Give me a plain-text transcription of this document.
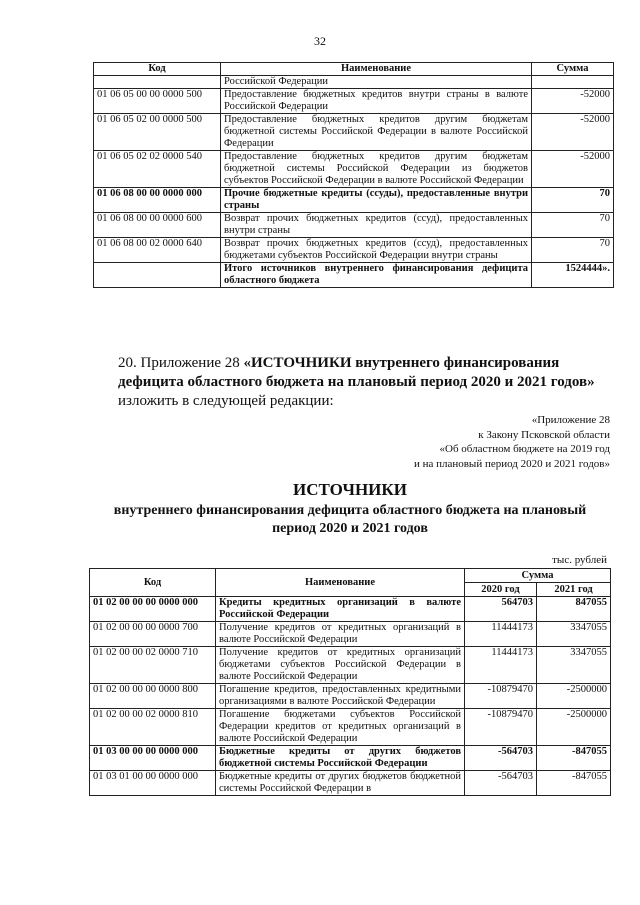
32
Код	Наименование	Сумма
	Российской Федерации	
01 06 05 00 00 0000 500	Предоставление бюджетных кредитов внутри страны в валюте Российской Федерации	-52000
01 06 05 02 00 0000 500	Предоставление бюджетных кредитов другим бюджетам бюджетной системы Российской Федерации в валюте Российской Федерации	-52000
01 06 05 02 02 0000 540	Предоставление бюджетных кредитов другим бюджетам бюджетной системы Российской Федерации из бюджетов субъектов Российской Федерации в валюте Российской Федерации	-52000
01 06 08 00 00 0000 000	Прочие бюджетные кредиты (ссуды), предоставленные внутри страны	70
01 06 08 00 00 0000 600	Возврат прочих бюджетных кредитов (ссуд), предоставленных внутри страны	70
01 06 08 00 02 0000 640	Возврат прочих бюджетных кредитов (ссуд), предоставленных бюджетами субъектов Российской Федерации внутри страны	70
	Итого источников внутреннего финансирования дефицита областного бюджета	1524444».
20. Приложение 28 «ИСТОЧНИКИ внутреннего финансирования дефицита областного бюджета на плановый период 2020 и 2021 годов» изложить в следующей редакции:
«Приложение 28
к Закону Псковской области
«Об областном бюджете на 2019 год
и на плановый период 2020 и 2021 годов»
ИСТОЧНИКИ
внутреннего финансирования дефицита областного бюджета на плановый
период 2020 и 2021 годов
тыс. рублей
Код	Наименование	Сумма	
		2020 год	2021 год
01 02 00 00 00 0000 000	Кредиты кредитных организаций в валюте Российской Федерации	564703	847055
01 02 00 00 00 0000 700	Получение кредитов от кредитных организаций в валюте Российской Федерации	11444173	3347055
01 02 00 00 02 0000 710	Получение кредитов от кредитных организаций бюджетами субъектов Российской Федерации в валюте Российской Федерации	11444173	3347055
01 02 00 00 00 0000 800	Погашение кредитов, предоставленных кредитными организациями в валюте Российской Федерации	-10879470	-2500000
01 02 00 00 02 0000 810	Погашение бюджетами субъектов Российской Федерации кредитов от кредитных организаций в валюте Российской Федерации	-10879470	-2500000
01 03 00 00 00 0000 000	Бюджетные кредиты от других бюджетов бюджетной системы Российской Федерации	-564703	-847055
01 03 01 00 00 0000 000	Бюджетные кредиты от других бюджетов бюджетной системы Российской Федерации в	-564703	-847055
